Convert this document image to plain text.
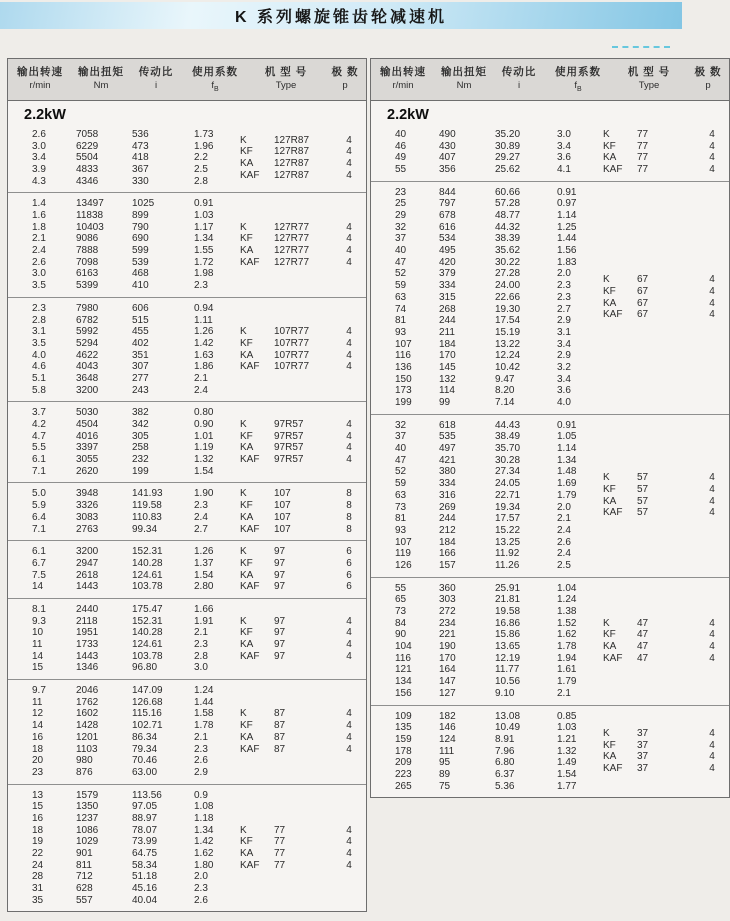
K 系列螺旋锥齿轮减速机
输出转速
r/min
输出扭矩
Nm
传动比
i
使用系数
$f_B$
机 型 号
Type
极 数
p
2.2kW
2.6	7058	536	1.73
3.0	6229	473	1.96
3.4	5504	418	2.2
3.9	4833	367	2.5
4.3	4346	330	2.8
K	127R87	4
KF	127R87	4
KA	127R87	4
KAF	127R87	4
1.4	13497	1025	0.91
1.6	11838	899	1.03
1.8	10403	790	1.17
2.1	9086	690	1.34
2.4	7888	599	1.55
2.6	7098	539	1.72
3.0	6163	468	1.98
3.5	5399	410	2.3
K	127R77	4
KF	127R77	4
KA	127R77	4
KAF	127R77	4
2.3	7980	606	0.94
2.8	6782	515	1.11
3.1	5992	455	1.26
3.5	5294	402	1.42
4.0	4622	351	1.63
4.6	4043	307	1.86
5.1	3648	277	2.1
5.8	3200	243	2.4
K	107R77	4
KF	107R77	4
KA	107R77	4
KAF	107R77	4
3.7	5030	382	0.80
4.2	4504	342	0.90
4.7	4016	305	1.01
5.5	3397	258	1.19
6.1	3055	232	1.32
7.1	2620	199	1.54
K	97R57	4
KF	97R57	4
KA	97R57	4
KAF	97R57	4
5.0	3948	141.93	1.90
5.9	3326	119.58	2.3
6.4	3083	110.83	2.4
7.1	2763	99.34	2.7
K	107	8
KF	107	8
KA	107	8
KAF	107	8
6.1	3200	152.31	1.26
6.7	2947	140.28	1.37
7.5	2618	124.61	1.54
14	1443	103.78	2.80
K	97	6
KF	97	6
KA	97	6
KAF	97	6
8.1	2440	175.47	1.66
9.3	2118	152.31	1.91
10	1951	140.28	2.1
11	1733	124.61	2.3
14	1443	103.78	2.8
15	1346	96.80	3.0
K	97	4
KF	97	4
KA	97	4
KAF	97	4
9.7	2046	147.09	1.24
11	1762	126.68	1.44
12	1602	115.16	1.58
14	1428	102.71	1.78
16	1201	86.34	2.1
18	1103	79.34	2.3
20	980	70.46	2.6
23	876	63.00	2.9
K	87	4
KF	87	4
KA	87	4
KAF	87	4
13	1579	113.56	0.9
15	1350	97.05	1.08
16	1237	88.97	1.18
18	1086	78.07	1.34
19	1029	73.99	1.42
22	901	64.75	1.62
24	811	58.34	1.80
28	712	51.18	2.0
31	628	45.16	2.3
35	557	40.04	2.6
K	77	4
KF	77	4
KA	77	4
KAF	77	4
输出转速
r/min
输出扭矩
Nm
传动比
i
使用系数
$f_B$
机 型 号
Type
极 数
p
2.2kW
40	490	35.20	3.0
46	430	30.89	3.4
49	407	29.27	3.6
55	356	25.62	4.1
K	77	4
KF	77	4
KA	77	4
KAF	77	4
23	844	60.66	0.91
25	797	57.28	0.97
29	678	48.77	1.14
32	616	44.32	1.25
37	534	38.39	1.44
40	495	35.62	1.56
47	420	30.22	1.83
52	379	27.28	2.0
59	334	24.00	2.3
63	315	22.66	2.3
74	268	19.30	2.7
81	244	17.54	2.9
93	211	15.19	3.1
107	184	13.22	3.4
116	170	12.24	2.9
136	145	10.42	3.2
150	132	9.47	3.4
173	114	8.20	3.6
199	99	7.14	4.0
K	67	4
KF	67	4
KA	67	4
KAF	67	4
32	618	44.43	0.91
37	535	38.49	1.05
40	497	35.70	1.14
47	421	30.28	1.34
52	380	27.34	1.48
59	334	24.05	1.69
63	316	22.71	1.79
73	269	19.34	2.0
81	244	17.57	2.1
93	212	15.22	2.4
107	184	13.25	2.6
119	166	11.92	2.4
126	157	11.26	2.5
K	57	4
KF	57	4
KA	57	4
KAF	57	4
55	360	25.91	1.04
65	303	21.81	1.24
73	272	19.58	1.38
84	234	16.86	1.52
90	221	15.86	1.62
104	190	13.65	1.78
116	170	12.19	1.94
121	164	11.77	1.61
134	147	10.56	1.79
156	127	9.10	2.1
K	47	4
KF	47	4
KA	47	4
KAF	47	4
109	182	13.08	0.85
135	146	10.49	1.03
159	124	8.91	1.21
178	111	7.96	1.32
209	95	6.80	1.49
223	89	6.37	1.54
265	75	5.36	1.77
K	37	4
KF	37	4
KA	37	4
KAF	37	4
